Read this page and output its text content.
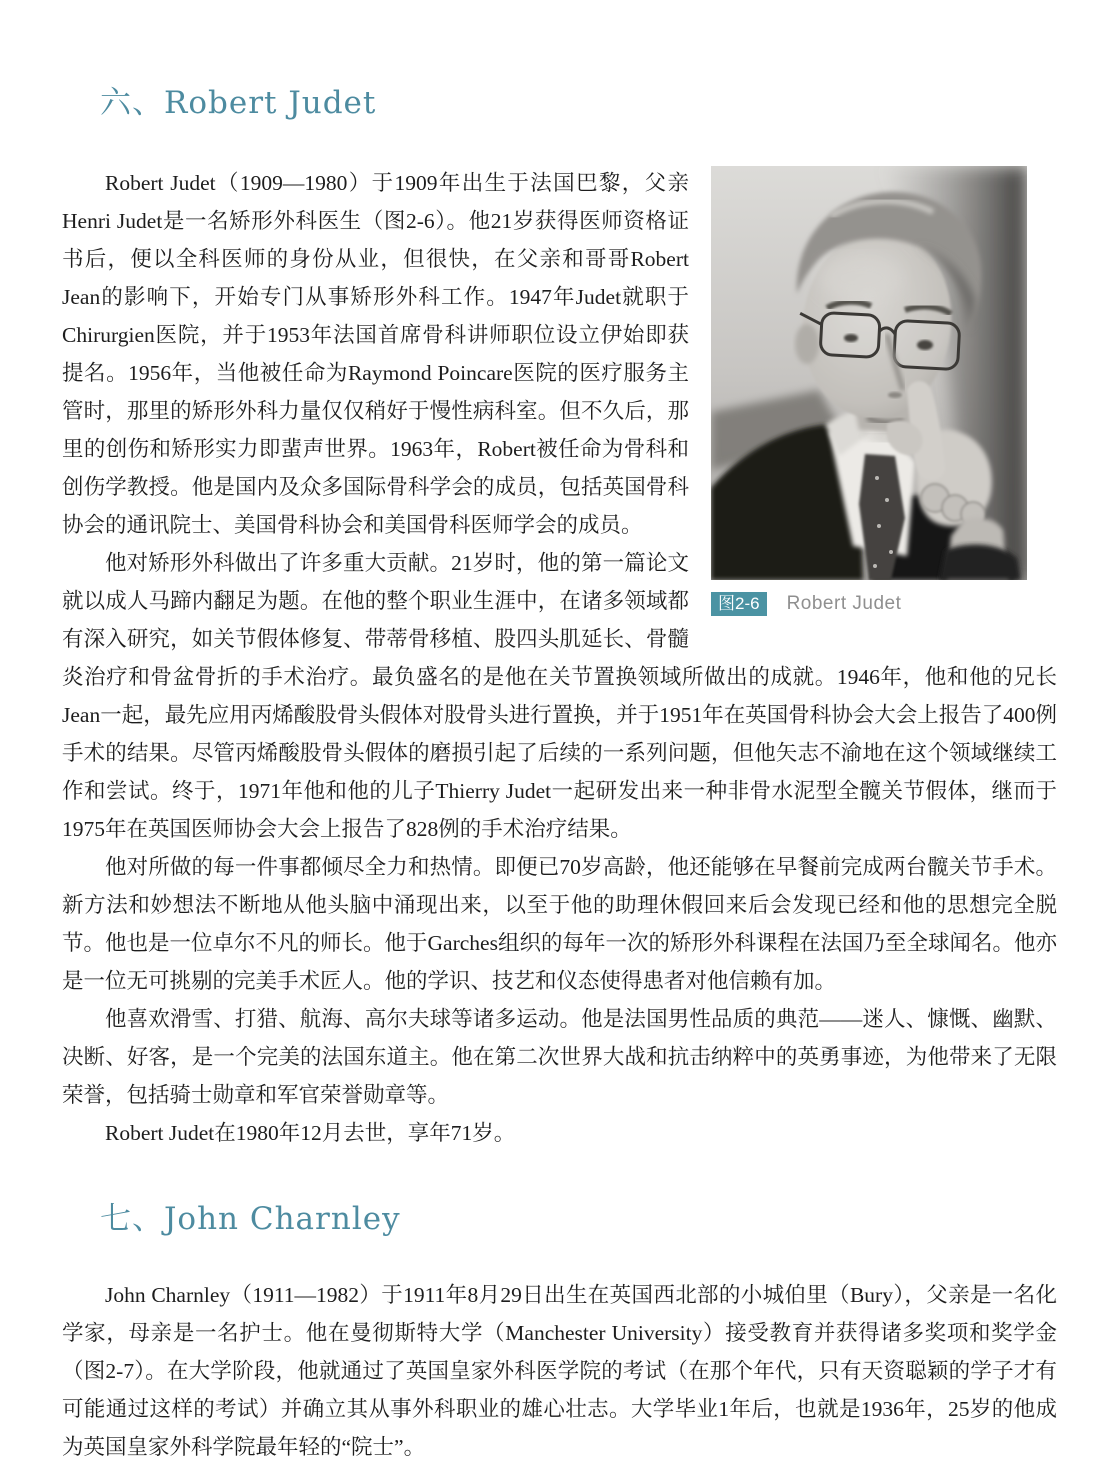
六、Robert Judet
图2-6	Robert Judet

Robert Judet（1909—1980）于1909年出生于法国巴黎，父亲Henri Judet是一名矫形外科医生（图2-6）。他21岁获得医师资格证书后，便以全科医师的身份从业，但很快，在父亲和哥哥Robert Jean的影响下，开始专门从事矫形外科工作。1947年Judet就职于Chirurgien医院，并于1953年法国首席骨科讲师职位设立伊始即获提名。1956年，当他被任命为Raymond Poincare医院的医疗服务主管时，那里的矫形外科力量仅仅稍好于慢性病科室。但不久后，那里的创伤和矫形实力即蜚声世界。1963年，Robert被任命为骨科和创伤学教授。他是国内及众多国际骨科学会的成员，包括英国骨科协会的通讯院士、美国骨科协会和美国骨科医师学会的成员。

他对矫形外科做出了许多重大贡献。21岁时，他的第一篇论文就以成人马蹄内翻足为题。在他的整个职业生涯中，在诸多领域都有深入研究，如关节假体修复、带蒂骨移植、股四头肌延长、骨髓炎治疗和骨盆骨折的手术治疗。最负盛名的是他在关节置换领域所做出的成就。1946年，他和他的兄长Jean一起，最先应用丙烯酸股骨头假体对股骨头进行置换，并于1951年在英国骨科协会大会上报告了400例手术的结果。尽管丙烯酸股骨头假体的磨损引起了后续的一系列问题，但他矢志不渝地在这个领域继续工作和尝试。终于，1971年他和他的儿子Thierry Judet一起研发出来一种非骨水泥型全髋关节假体，继而于1975年在英国医师协会大会上报告了828例的手术治疗结果。

他对所做的每一件事都倾尽全力和热情。即便已70岁高龄，他还能够在早餐前完成两台髋关节手术。新方法和妙想法不断地从他头脑中涌现出来，以至于他的助理休假回来后会发现已经和他的思想完全脱节。他也是一位卓尔不凡的师长。他于Garches组织的每年一次的矫形外科课程在法国乃至全球闻名。他亦是一位无可挑剔的完美手术匠人。他的学识、技艺和仪态使得患者对他信赖有加。

他喜欢滑雪、打猎、航海、高尔夫球等诸多运动。他是法国男性品质的典范——迷人、慷慨、幽默、决断、好客，是一个完美的法国东道主。他在第二次世界大战和抗击纳粹中的英勇事迹，为他带来了无限荣誉，包括骑士勋章和军官荣誉勋章等。

Robert Judet在1980年12月去世，享年71岁。

七、John Charnley

John Charnley（1911—1982）于1911年8月29日出生在英国西北部的小城伯里（Bury），父亲是一名化学家，母亲是一名护士。他在曼彻斯特大学（Manchester University）接受教育并获得诸多奖项和奖学金（图2-7）。在大学阶段，他就通过了英国皇家外科医学院的考试（在那个年代，只有天资聪颖的学子才有可能通过这样的考试）并确立其从事外科职业的雄心壮志。大学毕业1年后，也就是1936年，25岁的他成为英国皇家外科学院最年轻的“院士”。
